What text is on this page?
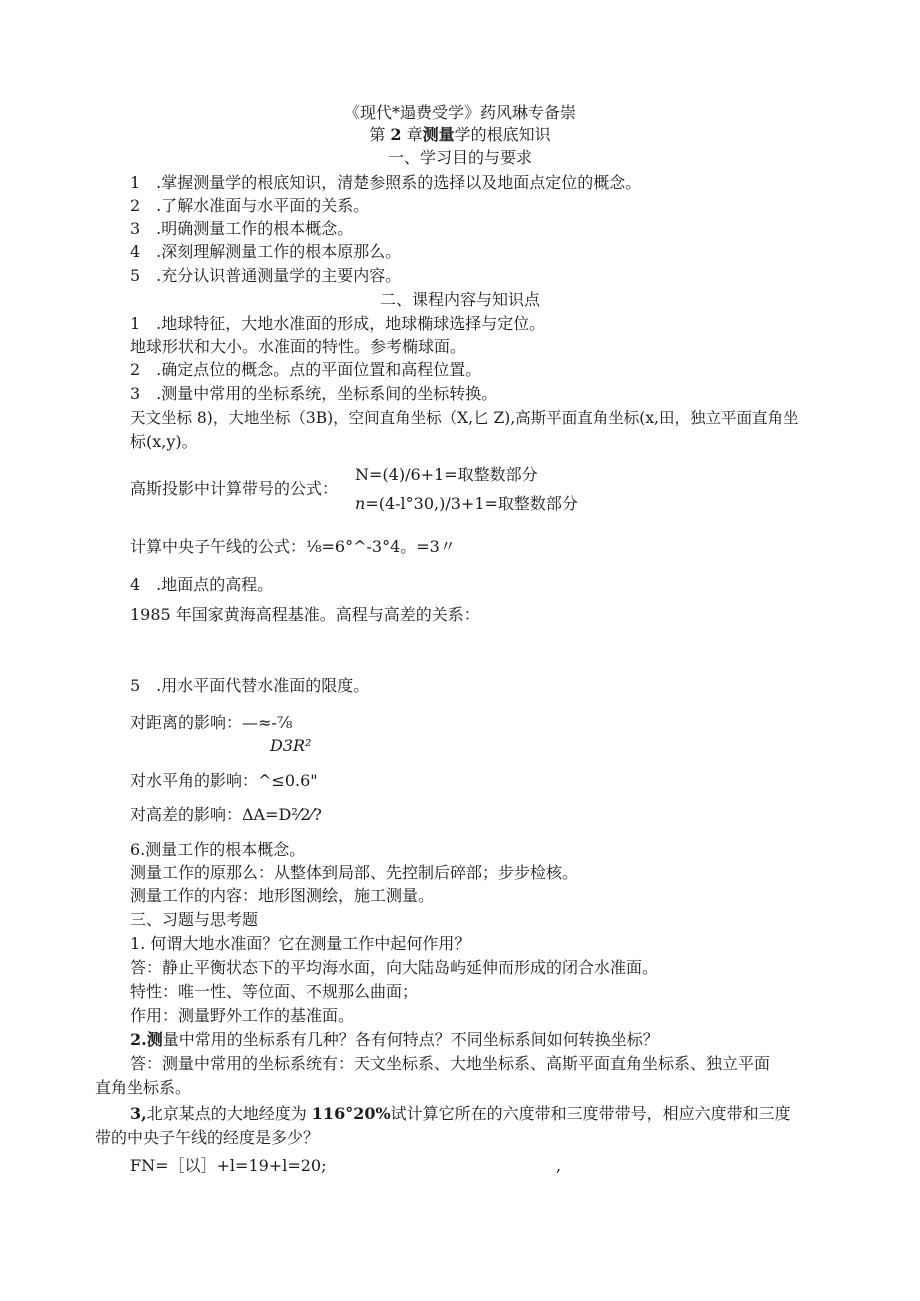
《现代*遢费受学》药风琳专备崇
第 2 章测量学的根底知识
一、学习目的与要求
1　.掌握测量学的根底知识，清楚参照系的选择以及地面点定位的概念。
2　.了解水准面与水平面的关系。
3　.明确测量工作的根本概念。
4　.深刻理解测量工作的根本原那么。
5　.充分认识普通测量学的主要内容。
二、课程内容与知识点
1　.地球特征，大地水准面的形成，地球椭球选择与定位。
地球形状和大小。水准面的特性。参考椭球面。
2　.确定点位的概念。点的平面位置和高程位置。
3　.测量中常用的坐标系统，坐标系间的坐标转换。
天文坐标 8)，大地坐标（3B)，空间直角坐标（X,匕 Z),高斯平面直角坐标(x,田，独立平面直角坐
标(x,y)。
高斯投影中计算带号的公式：
N=(4)/6+1=取整数部分
n=(4-l°30,)/3+1=取整数部分
计算中央子午线的公式：⅛=6°^-3°4。=3〃
4　.地面点的高程。
1985 年国家黄海高程基准。高程与高差的关系：
5　.用水平面代替水准面的限度。
对距离的影响：—≈-⅞
D3R²
对水平角的影响：^≤0.6"
对高差的影响：ΔA=D²⁄2⁄?
6.测量工作的根本概念。
测量工作的原那么：从整体到局部、先控制后碎部；步步检核。
测量工作的内容：地形图测绘，施工测量。
三、习题与思考题
1. 何谓大地水准面？它在测量工作中起何作用？
答：静止平衡状态下的平均海水面，向大陆岛屿延伸而形成的闭合水准面。
特性：唯一性、等位面、不规那么曲面；
作用：测量野外工作的基准面。
2.测量中常用的坐标系有几种？各有何特点？不同坐标系间如何转换坐标？
答：测量中常用的坐标系统有：天文坐标系、大地坐标系、高斯平面直角坐标系、独立平面
直角坐标系。
3,北京某点的大地经度为 116°20%试计算它所在的六度带和三度带带号，相应六度带和三度
带的中央子午线的经度是多少？
FN=［以］+l=19+l=20;	,
